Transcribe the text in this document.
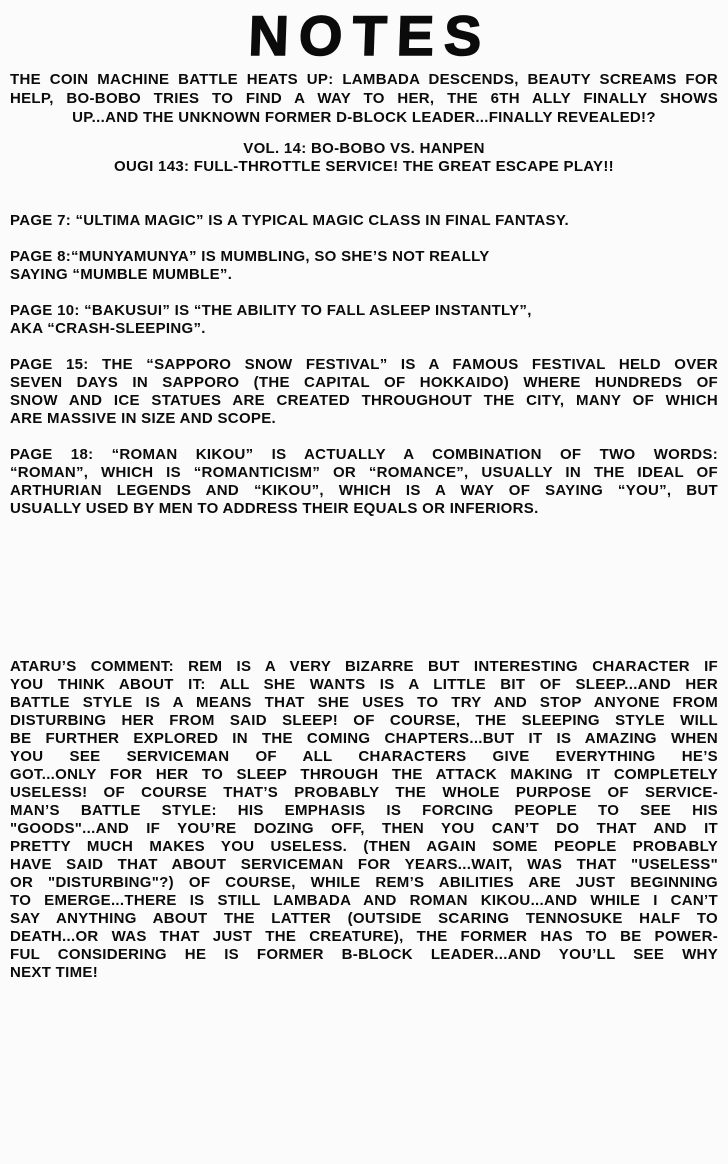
NOTES
THE COIN MACHINE BATTLE HEATS UP: LAMBADA DESCENDS, BEAUTY SCREAMS FOR
HELP, BO-BOBO TRIES TO FIND A WAY TO HER, THE 6TH ALLY FINALLY SHOWS
UP...AND THE UNKNOWN FORMER D-BLOCK LEADER...FINALLY REVEALED!?
VOL. 14: BO-BOBO VS. HANPEN
OUGI 143: FULL-THROTTLE SERVICE! THE GREAT ESCAPE PLAY!!
PAGE 7: “ULTIMA MAGIC” IS A TYPICAL MAGIC CLASS IN FINAL FANTASY.
PAGE 8:“MUNYAMUNYA” IS MUMBLING, SO SHE’S NOT REALLY
SAYING “MUMBLE MUMBLE”.
PAGE 10: “BAKUSUI” IS “THE ABILITY TO FALL ASLEEP INSTANTLY”,
AKA “CRASH-SLEEPING”.
PAGE 15: THE “SAPPORO SNOW FESTIVAL” IS A FAMOUS FESTIVAL HELD OVER
SEVEN DAYS IN SAPPORO (THE CAPITAL OF HOKKAIDO) WHERE HUNDREDS OF
SNOW AND ICE STATUES ARE CREATED THROUGHOUT THE CITY, MANY OF WHICH
ARE MASSIVE IN SIZE AND SCOPE.
PAGE 18: “ROMAN KIKOU” IS ACTUALLY A COMBINATION OF TWO WORDS:
“ROMAN”, WHICH IS “ROMANTICISM” OR “ROMANCE”, USUALLY IN THE IDEAL OF
ARTHURIAN LEGENDS AND “KIKOU”, WHICH IS A WAY OF SAYING “YOU”, BUT
USUALLY USED BY MEN TO ADDRESS THEIR EQUALS OR INFERIORS.
ATARU’S COMMENT: REM IS A VERY BIZARRE BUT INTERESTING CHARACTER IF
YOU THINK ABOUT IT: ALL SHE WANTS IS A LITTLE BIT OF SLEEP...AND HER
BATTLE STYLE IS A MEANS THAT SHE USES TO TRY AND STOP ANYONE FROM
DISTURBING HER FROM SAID SLEEP! OF COURSE, THE SLEEPING STYLE WILL
BE FURTHER EXPLORED IN THE COMING CHAPTERS...BUT IT IS AMAZING WHEN
YOU SEE SERVICEMAN OF ALL CHARACTERS GIVE EVERYTHING HE’S
GOT...ONLY FOR HER TO SLEEP THROUGH THE ATTACK MAKING IT COMPLETELY
USELESS! OF COURSE THAT’S PROBABLY THE WHOLE PURPOSE OF SERVICE-
MAN’S BATTLE STYLE: HIS EMPHASIS IS FORCING PEOPLE TO SEE HIS
"GOODS"...AND IF YOU’RE DOZING OFF, THEN YOU CAN’T DO THAT AND IT
PRETTY MUCH MAKES YOU USELESS. (THEN AGAIN SOME PEOPLE PROBABLY
HAVE SAID THAT ABOUT SERVICEMAN FOR YEARS...WAIT, WAS THAT "USELESS"
OR "DISTURBING"?) OF COURSE, WHILE REM’S ABILITIES ARE JUST BEGINNING
TO EMERGE...THERE IS STILL LAMBADA AND ROMAN KIKOU...AND WHILE I CAN’T
SAY ANYTHING ABOUT THE LATTER (OUTSIDE SCARING TENNOSUKE HALF TO
DEATH...OR WAS THAT JUST THE CREATURE), THE FORMER HAS TO BE POWER-
FUL CONSIDERING HE IS FORMER B-BLOCK LEADER...AND YOU’LL SEE WHY
NEXT TIME!
